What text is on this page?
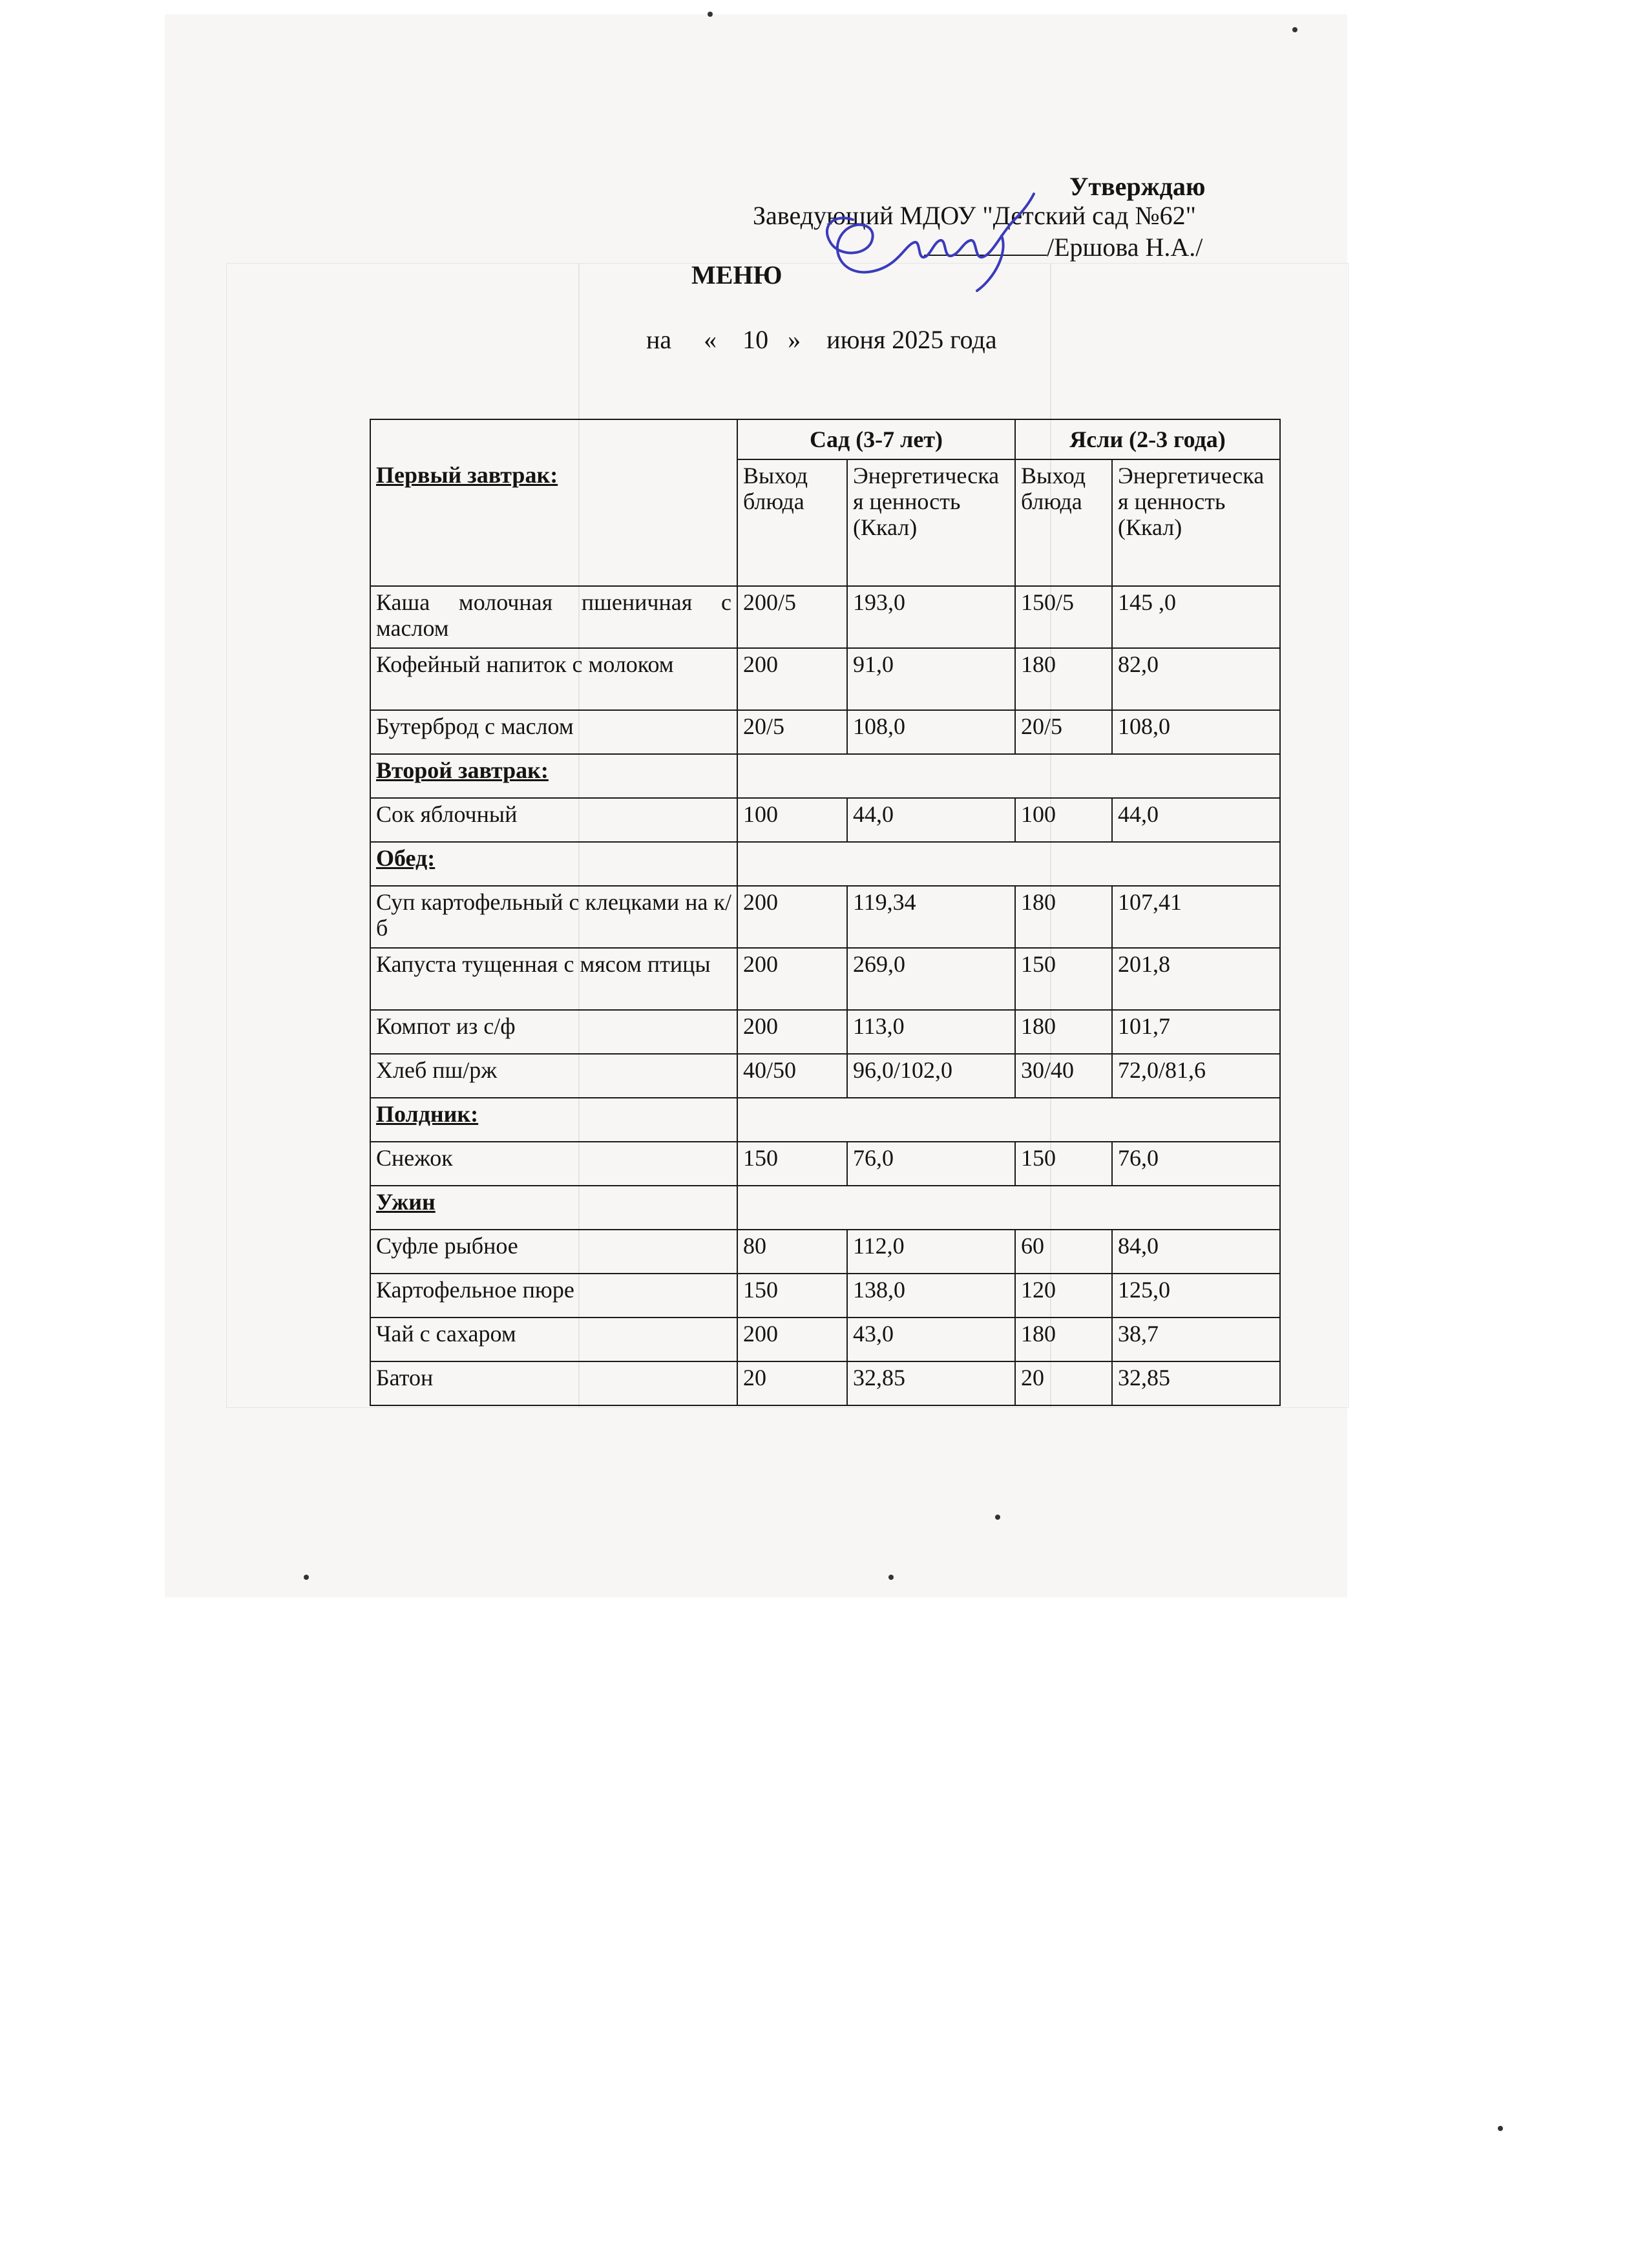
Утверждаю
Заведующий МДОУ "Детский сад №62"
/Ершова Н.А./
МЕНЮ
на « 10 » июня 2025 года
	Сад (3-7 лет)		Ясли (2-3 года)	
Первый завтрак:	Выход блюда	Энергетическая ценность (Ккал)	Выход блюда	Энергетическая ценность (Ккал)
Каша молочная пшеничная с маслом	200/5	193,0	150/5	145 ,0
Кофейный напиток с молоком	200	91,0	180	82,0
Бутерброд с маслом	20/5	108,0	20/5	108,0
Второй завтрак:				
Сок яблочный	100	44,0	100	44,0
Обед:				
Суп картофельный с клецками на к/б	200	119,34	180	107,41
Капуста тущенная с мясом птицы	200	269,0	150	201,8
Компот из с/ф	200	113,0	180	101,7
Хлеб пш/рж	40/50	96,0/102,0	30/40	72,0/81,6
Полдник:				
Снежок	150	76,0	150	76,0
Ужин				
Суфле рыбное	80	112,0	60	84,0
Картофельное пюре	150	138,0	120	125,0
Чай с сахаром	200	43,0	180	38,7
Батон	20	32,85	20	32,85
